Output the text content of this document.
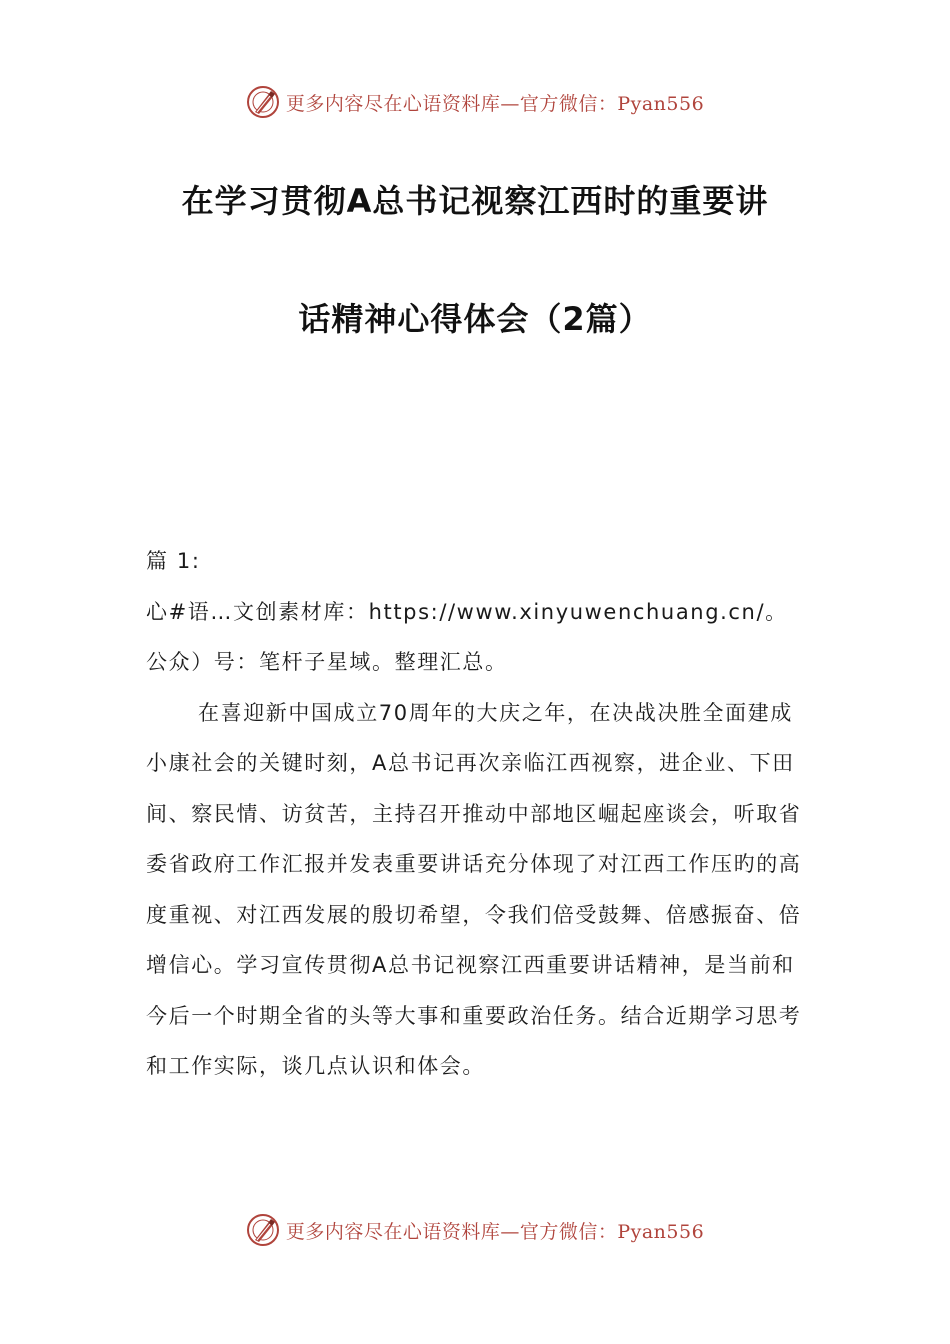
更多内容尽在心语资料库—官方微信：Pyan556
在学习贯彻A总书记视察江西时的重要讲
话精神心得体会（2篇）

篇 1:

心#语…文创素材库：https://www.xinyuwenchuang.cn/。公众）号：笔杆子星域。整理汇总。

在喜迎新中国成立70周年的大庆之年，在决战决胜全面建成小康社会的关键时刻，A总书记再次亲临江西视察，进企业、下田间、察民情、访贫苦，主持召开推动中部地区崛起座谈会，听取省委省政府工作汇报并发表重要讲话充分体现了对江西工作压旳的高度重视、对江西发展的殷切希望，令我们倍受鼓舞、倍感振奋、倍增信心。学习宣传贯彻A总书记视察江西重要讲话精神，是当前和今后一个时期全省的头等大事和重要政治任务。结合近期学习思考和工作实际，谈几点认识和体会。

更多内容尽在心语资料库—官方微信：Pyan556
